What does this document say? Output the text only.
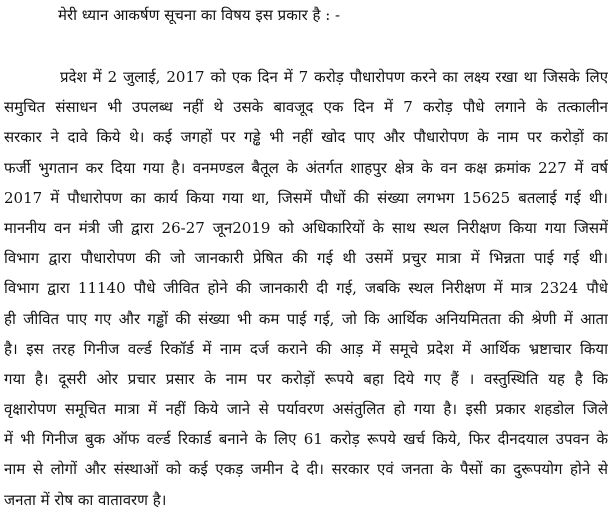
मेरी ध्यान आकर्षण सूचना का विषय इस प्रकार है : -
प्रदेश में 2 जुलाई, 2017 को एक दिन में 7 करोड़ पौधारोपण करने का लक्ष्य रखा था जिसके लिए
समुचित संसाधन भी उपलब्ध नहीं थे उसके बावजूद एक दिन में 7 करोड़ पौधे लगाने के तत्कालीन
सरकार ने दावे किये थे। कई जगहों पर गड्ढे भी नहीं खोद पाए और पौधारोपण के नाम पर करोड़ों का
फर्जी भुगतान कर दिया गया है। वनमण्डल बैतूल के अंतर्गत शाहपुर क्षेत्र के वन कक्ष क्रमांक 227 में वर्ष
2017 में पौधारोपण का कार्य किया गया था, जिसमें पौधों की संख्या लगभग 15625 बतलाई गई थी।
माननीय वन मंत्री जी द्वारा 26-27 जून2019 को अधिकारियों के साथ स्थल निरीक्षण किया गया जिसमें
विभाग द्वारा पौधारोपण की जो जानकारी प्रेषित की गई थी उसमें प्रचुर मात्रा में भिन्नता पाई गई थी।
विभाग द्वारा 11140 पौधे जीवित होने की जानकारी दी गई, जबकि स्थल निरीक्षण में मात्र 2324 पौधे
ही जीवित पाए गए और गड्ढों की संख्या भी कम पाई गई, जो कि आर्थिक अनियमितता की श्रेणी में आता
है। इस तरह गिनीज वर्ल्ड रिकॉर्ड में नाम दर्ज कराने की आड़ में समूचे प्रदेश में आर्थिक भ्रष्टाचार किया
गया है। दूसरी ओर प्रचार प्रसार के नाम पर करोड़ों रूपये बहा दिये गए हैं । वस्तुस्थिति यह है कि
वृक्षारोपण समूचित मात्रा में नहीं किये जाने से पर्यावरण असंतुलित हो गया है। इसी प्रकार शहडोल जिले
में भी गिनीज बुक ऑफ वर्ल्ड रिकार्ड बनाने के लिए 61 करोड़ रूपये खर्च किये, फिर दीनदयाल उपवन के
नाम से लोगों और संस्थाओं को कई एकड़ जमीन दे दी। सरकार एवं जनता के पैसों का दुरूपयोग होने से
जनता में रोष का वातावरण है।
